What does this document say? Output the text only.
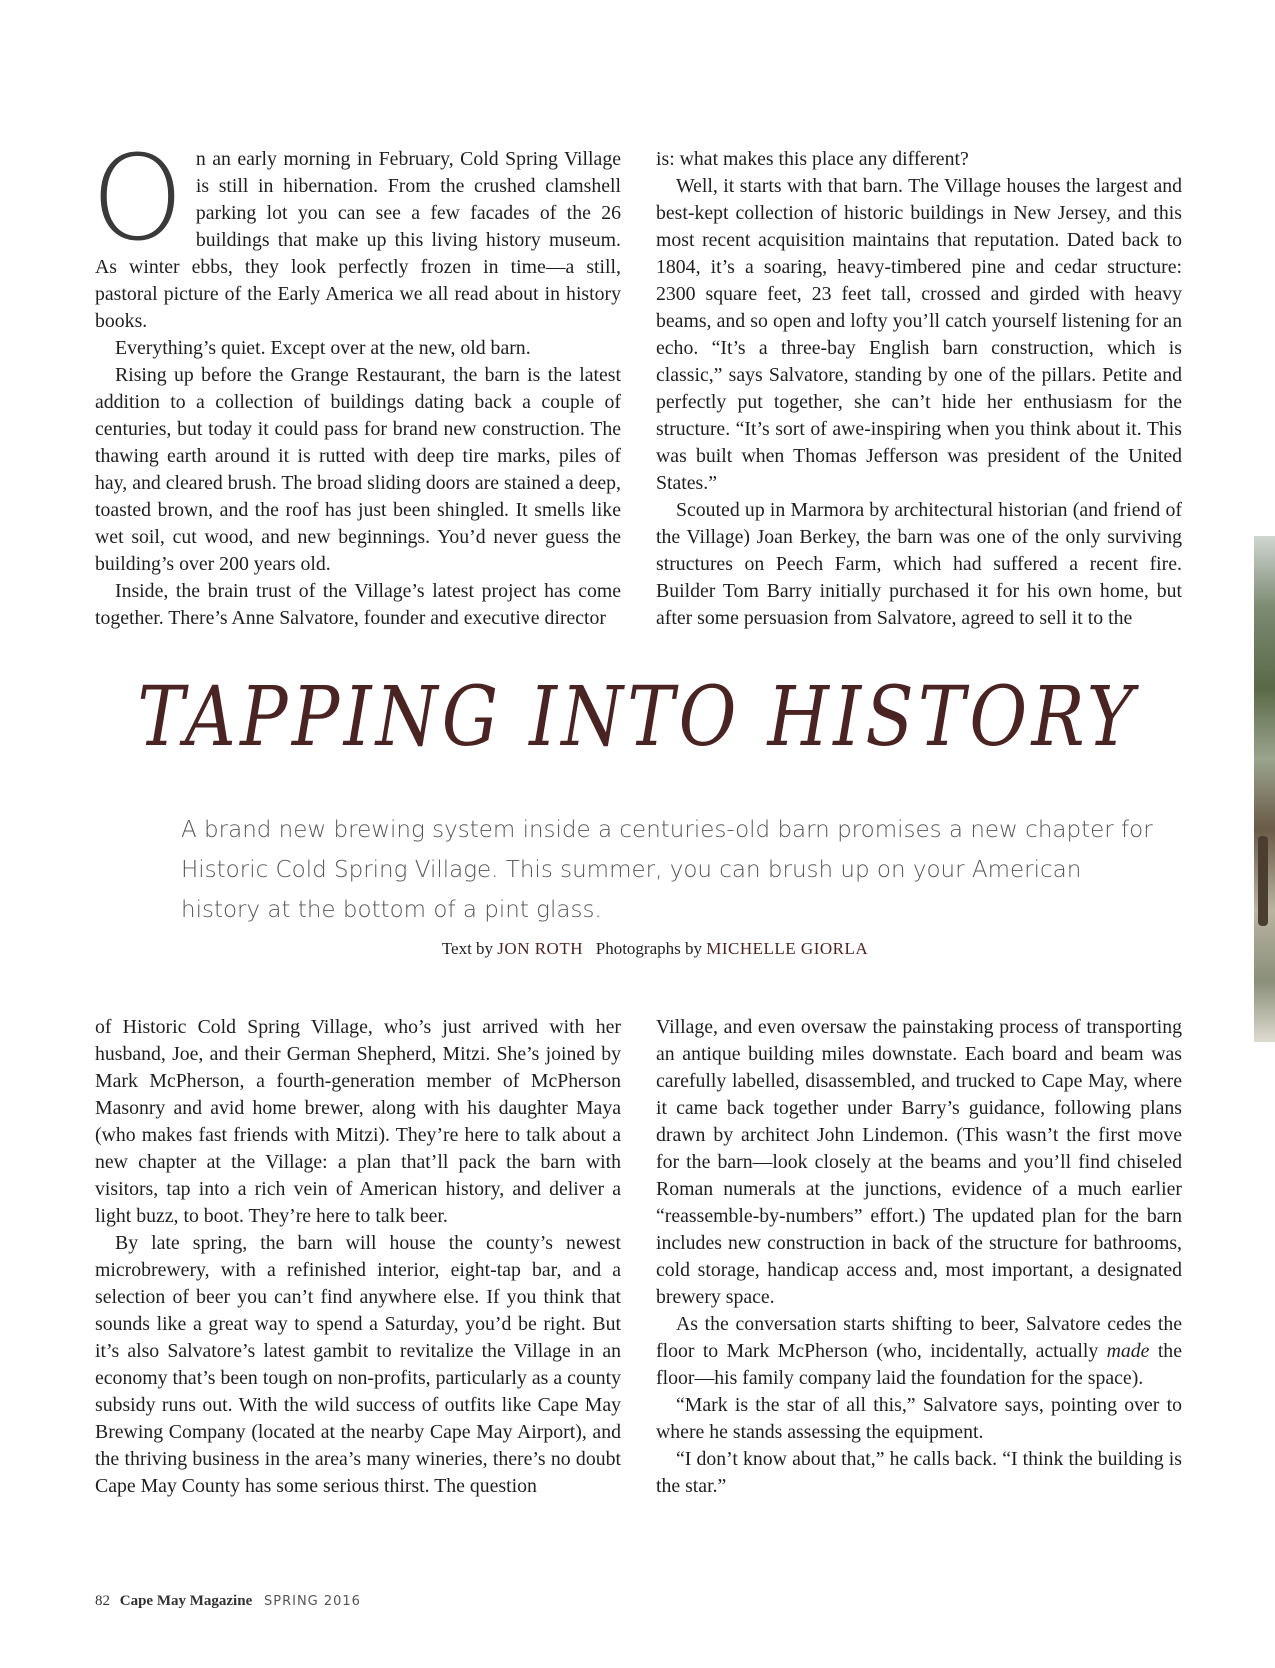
On an early morning in February, Cold Spring Village is still in hibernation. From the crushed clamshell parking lot you can see a few facades of the 26 buildings that make up this living history museum. As winter ebbs, they look perfectly frozen in time—a still, pastoral picture of the Early America we all read about in history books.

Everything’s quiet. Except over at the new, old barn.

Rising up before the Grange Restaurant, the barn is the latest addition to a collection of buildings dating back a couple of centuries, but today it could pass for brand new construction. The thawing earth around it is rutted with deep tire marks, piles of hay, and cleared brush. The broad sliding doors are stained a deep, toasted brown, and the roof has just been shingled. It smells like wet soil, cut wood, and new beginnings. You’d never guess the building’s over 200 years old.

Inside, the brain trust of the Village’s latest project has come together. There’s Anne Salvatore, founder and executive director

is: what makes this place any different?

Well, it starts with that barn. The Village houses the largest and best-kept collection of historic buildings in New Jersey, and this most recent acquisition maintains that reputation. Dated back to 1804, it’s a soaring, heavy-timbered pine and cedar structure: 2300 square feet, 23 feet tall, crossed and girded with heavy beams, and so open and lofty you’ll catch yourself listening for an echo. “It’s a three-bay English barn construction, which is classic,” says Salvatore, standing by one of the pillars. Petite and perfectly put together, she can’t hide her enthusiasm for the structure. “It’s sort of awe-inspiring when you think about it. This was built when Thomas Jefferson was president of the United States.”

Scouted up in Marmora by architectural historian (and friend of the Village) Joan Berkey, the barn was one of the only surviving structures on Peech Farm, which had suffered a recent fire. Builder Tom Barry initially purchased it for his own home, but after some persuasion from Salvatore, agreed to sell it to the

TAPPING INTO HISTORY
A brand new brewing system inside a centuries-old barn promises a new chapter for Historic Cold Spring Village. This summer, you can brush up on your American history at the bottom of a pint glass.
Text by JON ROTH Photographs by MICHELLE GIORLA

of Historic Cold Spring Village, who’s just arrived with her husband, Joe, and their German Shepherd, Mitzi. She’s joined by Mark McPherson, a fourth-generation member of McPherson Masonry and avid home brewer, along with his daughter Maya (who makes fast friends with Mitzi). They’re here to talk about a new chapter at the Village: a plan that’ll pack the barn with visitors, tap into a rich vein of American history, and deliver a light buzz, to boot. They’re here to talk beer.

By late spring, the barn will house the county’s newest microbrewery, with a refinished interior, eight-tap bar, and a selection of beer you can’t find anywhere else. If you think that sounds like a great way to spend a Saturday, you’d be right. But it’s also Salvatore’s latest gambit to revitalize the Village in an economy that’s been tough on non-profits, particularly as a county subsidy runs out. With the wild success of outfits like Cape May Brewing Company (located at the nearby Cape May Airport), and the thriving business in the area’s many wineries, there’s no doubt Cape May County has some serious thirst. The question

Village, and even oversaw the painstaking process of transporting an antique building miles downstate. Each board and beam was carefully labelled, disassembled, and trucked to Cape May, where it came back together under Barry’s guidance, following plans drawn by architect John Lindemon. (This wasn’t the first move for the barn—look closely at the beams and you’ll find chiseled Roman numerals at the junctions, evidence of a much earlier “reassemble-by-numbers” effort.) The updated plan for the barn includes new construction in back of the structure for bathrooms, cold storage, handicap access and, most important, a designated brewery space.

As the conversation starts shifting to beer, Salvatore cedes the floor to Mark McPherson (who, incidentally, actually made the floor—his family company laid the foundation for the space).

“Mark is the star of all this,” Salvatore says, pointing over to where he stands assessing the equipment.

“I don’t know about that,” he calls back. “I think the building is the star.”

82 Cape May Magazine SPRING 2016
